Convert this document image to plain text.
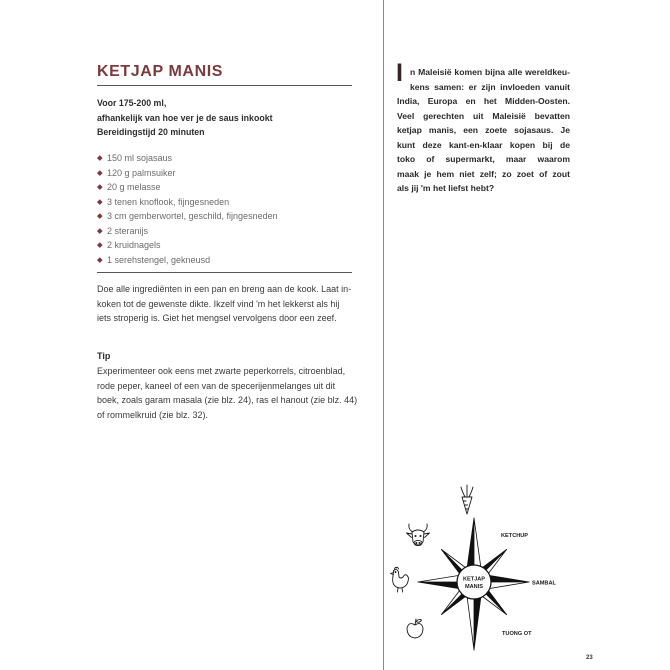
KETJAP MANIS
Voor 175-200 ml,
afhankelijk van hoe ver je de saus inkookt
Bereidingstijd 20 minuten
150 ml sojasaus
120 g palmsuiker
20 g melasse
3 tenen knoflook, fijngesneden
3 cm gemberwortel, geschild, fijngesneden
2 steranijs
2 kruidnagels
1 serehstengel, gekneusd
Doe alle ingrediënten in een pan en breng aan de kook. Laat in-
koken tot de gewenste dikte. Ikzelf vind 'm het lekkerst als hij
iets stroperig is. Giet het mengsel vervolgens door een zeef.
Tip
Experimenteer ook eens met zwarte peperkorrels, citroenblad,
rode peper, kaneel of een van de specerijenmelanges uit dit
boek, zoals garam masala (zie blz. 24), ras el hanout (zie blz. 44)
of rommelkruid (zie blz. 32).
I n Maleisië komen bijna alle wereldkeu-
kens samen: er zijn invloeden vanuit
India, Europa en het Midden-Oosten.
Veel gerechten uit Maleisië bevatten
ketjap manis, een zoete sojasaus. Je
kunt deze kant-en-klaar kopen bij de
toko of supermarkt, maar waarom
maak je hem niet zelf; zo zoet of zout
als jij 'm het liefst hebt?
KETJAP
MANIS
KETCHUP
SAMBAL
TUONG OT
23
